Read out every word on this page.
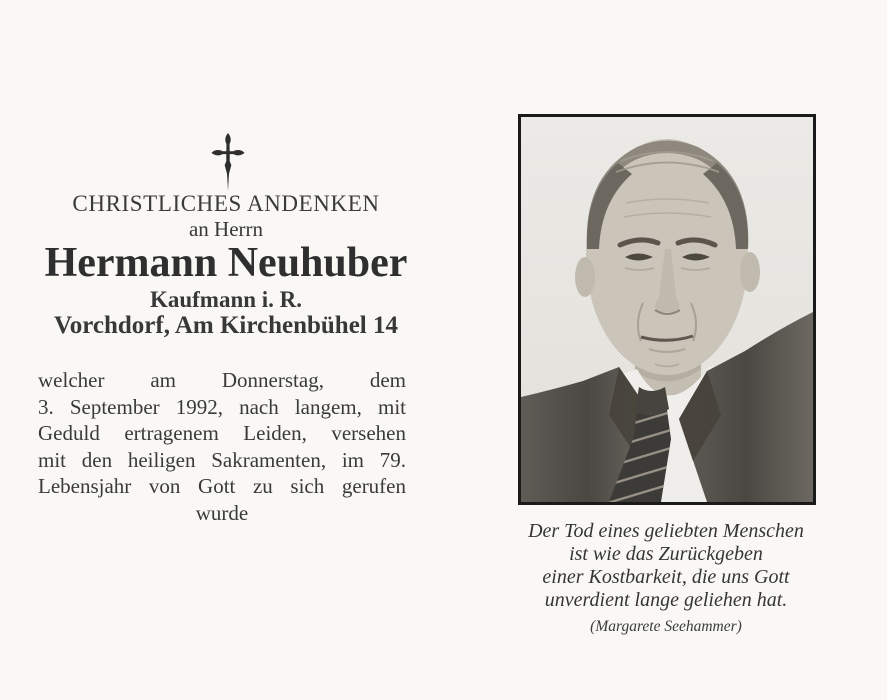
CHRISTLICHES ANDENKEN
an Herrn
Hermann Neuhuber
Kaufmann i. R.
Vorchdorf, Am Kirchenbühel 14
welcher am Donnerstag, dem
3. September 1992, nach langem, mit
Geduld ertragenem Leiden, versehen
mit den heiligen Sakramenten, im 79.
Lebensjahr von Gott zu sich gerufen
wurde
Der Tod eines geliebten Menschen
ist wie das Zurückgeben
einer Kostbarkeit, die uns Gott
unverdient lange geliehen hat.
(Margarete Seehammer)
